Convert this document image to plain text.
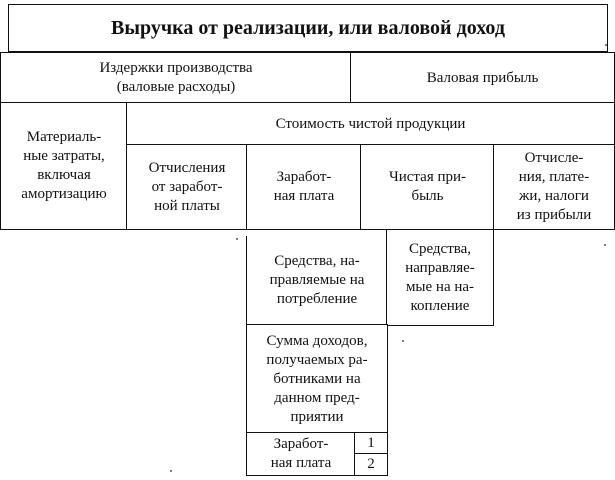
Выручка от реализации, или валовой доход
Издержки производства
(валовые расходы)
Валовая прибыль
Материаль-
ные затраты,
включая
амортизацию
Стоимость чистой продукции
Отчисления
от заработ-
ной платы
Заработ-
ная плата
Чистая при-
быль
Отчисле-
ния, плате-
жи, налоги
из прибыли
Средства, на-
правляемые на
потребление
Средства,
направляе-
мые на на-
копление
Сумма доходов,
получаемых ра-
ботниками на
данном пред-
приятии
Заработ-
ная плата
1
2
